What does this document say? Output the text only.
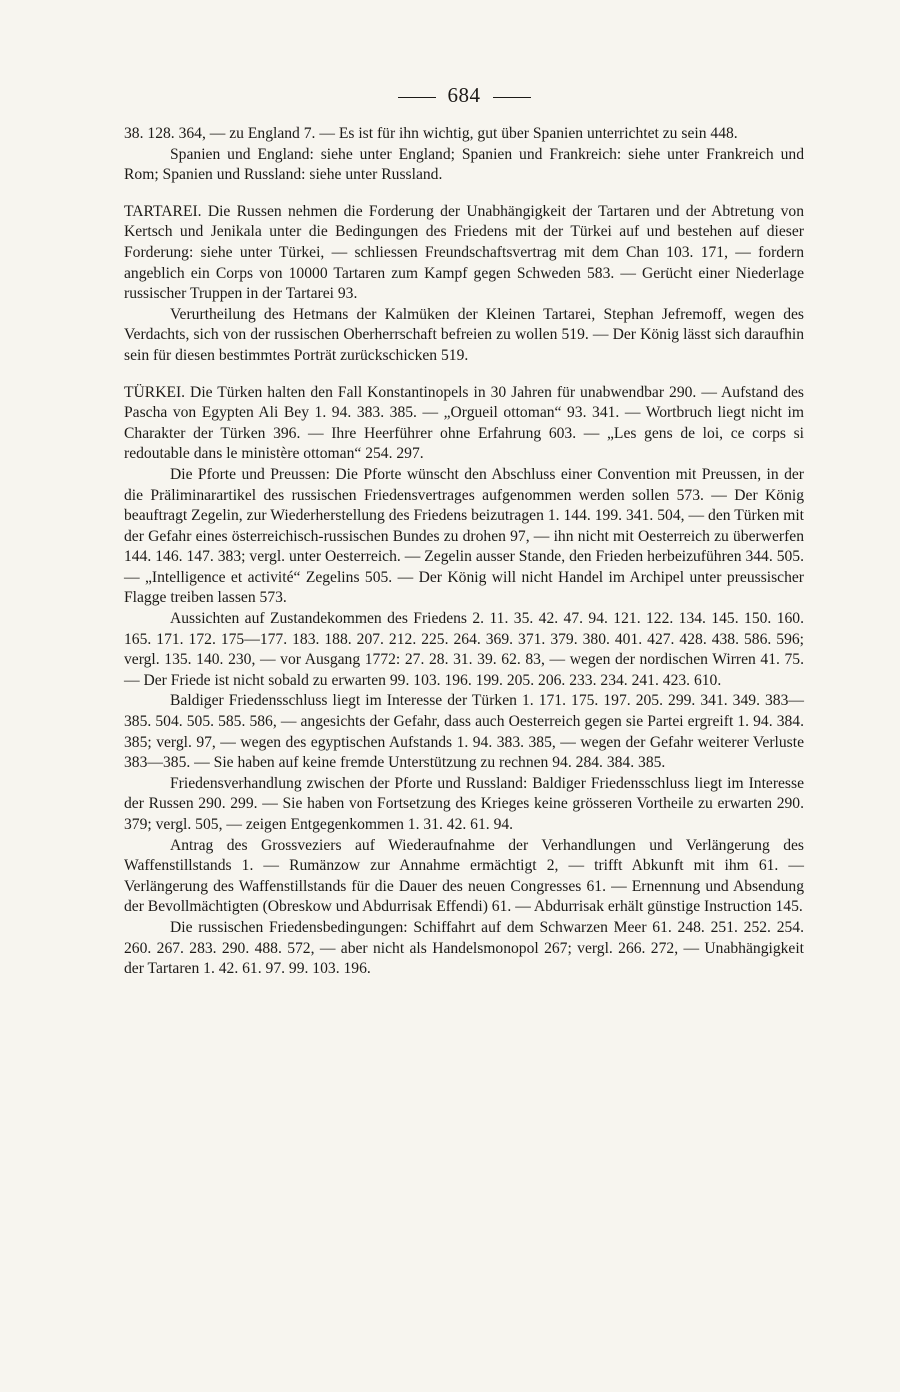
684

38. 128. 364, — zu England 7. — Es ist für ihn wichtig, gut über Spanien unterrichtet zu sein 448.

Spanien und England: siehe unter England; Spanien und Frankreich: siehe unter Frankreich und Rom; Spanien und Russland: siehe unter Russland.

TARTAREI. Die Russen nehmen die Forderung der Unabhängigkeit der Tartaren und der Abtretung von Kertsch und Jenikala unter die Bedingungen des Friedens mit der Türkei auf und bestehen auf dieser Forderung: siehe unter Türkei, — schliessen Freundschaftsvertrag mit dem Chan 103. 171, — fordern angeblich ein Corps von 10000 Tartaren zum Kampf gegen Schweden 583. — Gerücht einer Niederlage russischer Truppen in der Tartarei 93.

Verurtheilung des Hetmans der Kalmüken der Kleinen Tartarei, Stephan Jefremoff, wegen des Verdachts, sich von der russischen Oberherrschaft befreien zu wollen 519. — Der König lässt sich daraufhin sein für diesen bestimmtes Porträt zurückschicken 519.

TÜRKEI. Die Türken halten den Fall Konstantinopels in 30 Jahren für unabwendbar 290. — Aufstand des Pascha von Egypten Ali Bey 1. 94. 383. 385. — „Orgueil ottoman“ 93. 341. — Wortbruch liegt nicht im Charakter der Türken 396. — Ihre Heerführer ohne Erfahrung 603. — „Les gens de loi, ce corps si redoutable dans le ministère ottoman“ 254. 297.

Die Pforte und Preussen: Die Pforte wünscht den Abschluss einer Convention mit Preussen, in der die Präliminarartikel des russischen Friedensvertrages aufgenommen werden sollen 573. — Der König beauftragt Zegelin, zur Wiederherstellung des Friedens beizutragen 1. 144. 199. 341. 504, — den Türken mit der Gefahr eines österreichisch-russischen Bundes zu drohen 97, — ihn nicht mit Oesterreich zu überwerfen 144. 146. 147. 383; vergl. unter Oesterreich. — Zegelin ausser Stande, den Frieden herbeizuführen 344. 505. — „Intelligence et activité“ Zegelins 505. — Der König will nicht Handel im Archipel unter preussischer Flagge treiben lassen 573.

Aussichten auf Zustandekommen des Friedens 2. 11. 35. 42. 47. 94. 121. 122. 134. 145. 150. 160. 165. 171. 172. 175—177. 183. 188. 207. 212. 225. 264. 369. 371. 379. 380. 401. 427. 428. 438. 586. 596; vergl. 135. 140. 230, — vor Ausgang 1772: 27. 28. 31. 39. 62. 83, — wegen der nordischen Wirren 41. 75. — Der Friede ist nicht sobald zu erwarten 99. 103. 196. 199. 205. 206. 233. 234. 241. 423. 610.

Baldiger Friedensschluss liegt im Interesse der Türken 1. 171. 175. 197. 205. 299. 341. 349. 383—385. 504. 505. 585. 586, — angesichts der Gefahr, dass auch Oesterreich gegen sie Partei ergreift 1. 94. 384. 385; vergl. 97, — wegen des egyptischen Aufstands 1. 94. 383. 385, — wegen der Gefahr weiterer Verluste 383—385. — Sie haben auf keine fremde Unterstützung zu rechnen 94. 284. 384. 385.

Friedensverhandlung zwischen der Pforte und Russland: Baldiger Friedensschluss liegt im Interesse der Russen 290. 299. — Sie haben von Fortsetzung des Krieges keine grösseren Vortheile zu erwarten 290. 379; vergl. 505, — zeigen Entgegenkommen 1. 31. 42. 61. 94.

Antrag des Grossveziers auf Wiederaufnahme der Verhandlungen und Verlängerung des Waffenstillstands 1. — Rumänzow zur Annahme ermächtigt 2, — trifft Abkunft mit ihm 61. — Verlängerung des Waffenstillstands für die Dauer des neuen Congresses 61. — Ernennung und Absendung der Bevollmächtigten (Obreskow und Abdurrisak Effendi) 61. — Abdurrisak erhält günstige Instruction 145.

Die russischen Friedensbedingungen: Schiffahrt auf dem Schwarzen Meer 61. 248. 251. 252. 254. 260. 267. 283. 290. 488. 572, — aber nicht als Handelsmonopol 267; vergl. 266. 272, — Unabhängigkeit der Tartaren 1. 42. 61. 97. 99. 103. 196.
